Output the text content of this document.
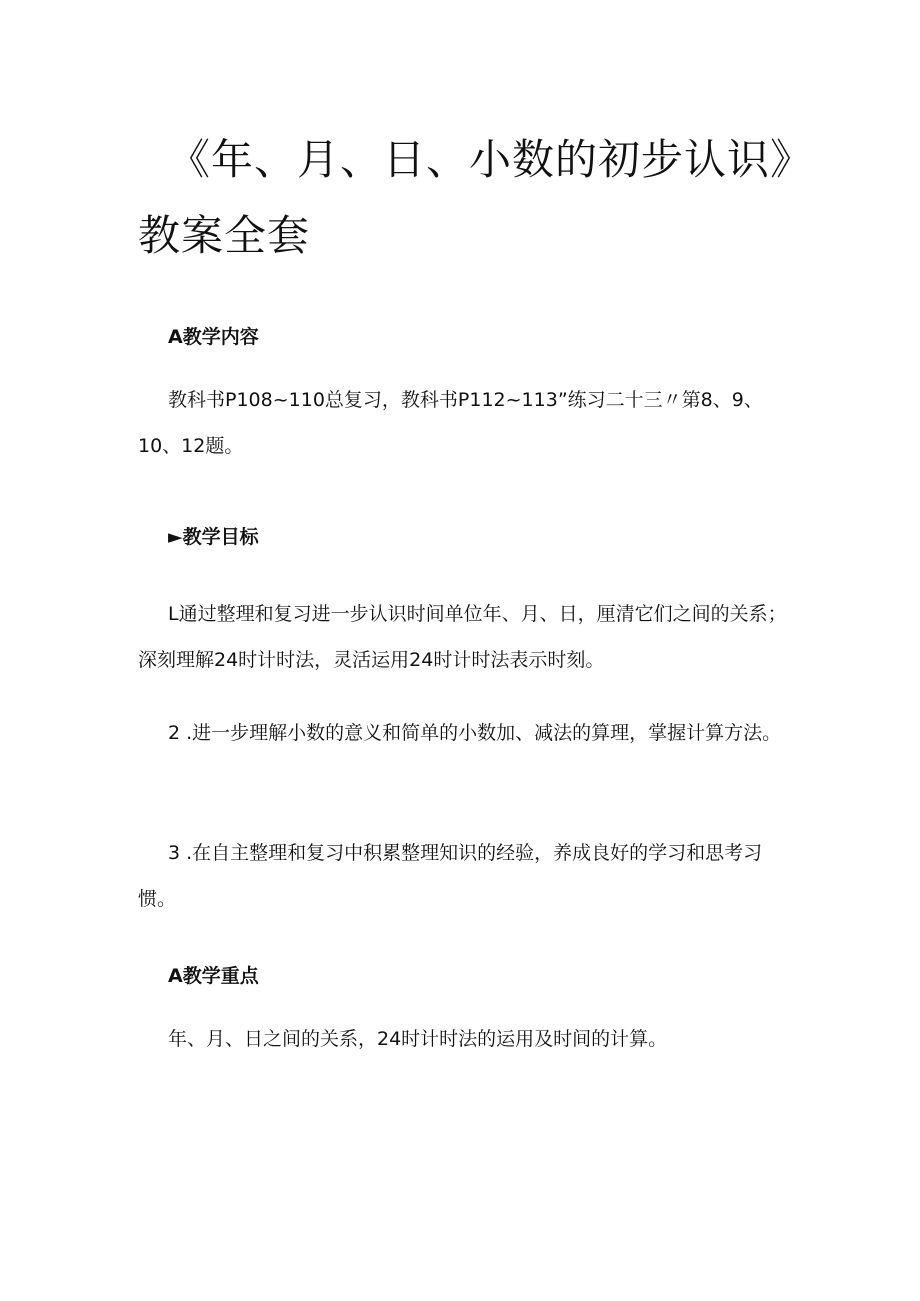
《年、月、日、小数的初步认识》
教案全套
A教学内容

教科书P108~110总复习，教科书P112~113”练习二十三〃第8、9、10、12题。

►教学目标

L通过整理和复习进一步认识时间单位年、月、日，厘清它们之间的关系；深刻理解24时计时法，灵活运用24时计时法表示时刻。

2 .进一步理解小数的意义和简单的小数加、减法的算理，掌握计算方法。

3 .在自主整理和复习中积累整理知识的经验，养成良好的学习和思考习惯。

A教学重点

年、月、日之间的关系，24时计时法的运用及时间的计算。
